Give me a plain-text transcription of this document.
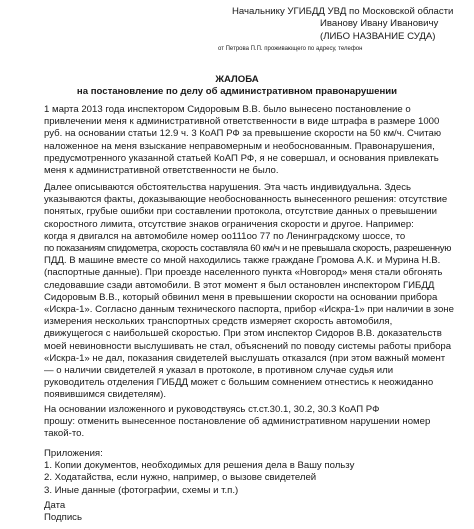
Начальнику УГИБДД УВД по Московской области
Иванову Ивану Ивановичу
(ЛИБО НАЗВАНИЕ СУДА)
от Петрова П.П. проживающего по адресу, телефон
ЖАЛОБА
на постановление по делу об административном правонарушении
1 марта 2013 года инспектором Сидоровым В.В. было вынесено постановление о
привлечении меня к административной ответственности в виде штрафа в размере 1000
руб. на основании статьи 12.9 ч. 3 КоАП РФ за превышение скорости на 50 км/ч. Считаю
наложенное на меня взыскание неправомерным и необоснованным. Правонарушения,
предусмотренного указанной статьей КоАП РФ, я не совершал, и основания привлекать
меня к административной ответственности не было.
Далее описываются обстоятельства нарушения. Эта часть индивидуальна. Здесь
указываются факты, доказывающие необоснованность вынесенного решения: отсутствие
понятых, грубые ошибки при составлении протокола, отсутствие данных о превышении
скоростного лимита, отсутствие знаков ограничения скорости и другое. Например:
когда я двигался на автомобиле номер оо111оо 77 по Ленинградскому шоссе, то
по показаниям спидометра, скорость составляла 60 км/ч и не превышала скорость, разрешенную
ПДД. В машине вместе со мной находились также граждане Громова А.К. и Мурина Н.В.
(паспортные данные). При проезде населенного пункта «Новгород» меня стали обгонять
следовавшие сзади автомобили. В этот момент я был остановлен инспектором ГИБДД
Сидоровым В.В., который обвинил меня в превышении скорости на основании прибора
«Искра-1». Согласно данным технического паспорта, прибор «Искра-1» при наличии в зоне
измерения нескольких транспортных средств измеряет скорость автомобиля,
движущегося с наибольшей скоростью. При этом инспектор Сидоров В.В. доказательств
моей невиновности выслушивать не стал, объяснений по поводу системы работы прибора
«Искра-1» не дал, показания свидетелей выслушать отказался (при этом важный момент
— о наличии свидетелей я указал в протоколе, в противном случае судья или
руководитель отделения ГИБДД может с большим сомнением отнестись к неожиданно
появившимся свидетелям).
На основании изложенного и руководствуясь ст.ст.30.1, 30.2, 30.3 КоАП РФ
прошу: отменить вынесенное постановление об административном нарушении номер
такой-то.
Приложения:
1. Копии документов, необходимых для решения дела в Вашу пользу
2. Ходатайства, если нужно, например, о вызове свидетелей
3. Иные данные (фотографии, схемы и т.п.)
Дата
Подпись
